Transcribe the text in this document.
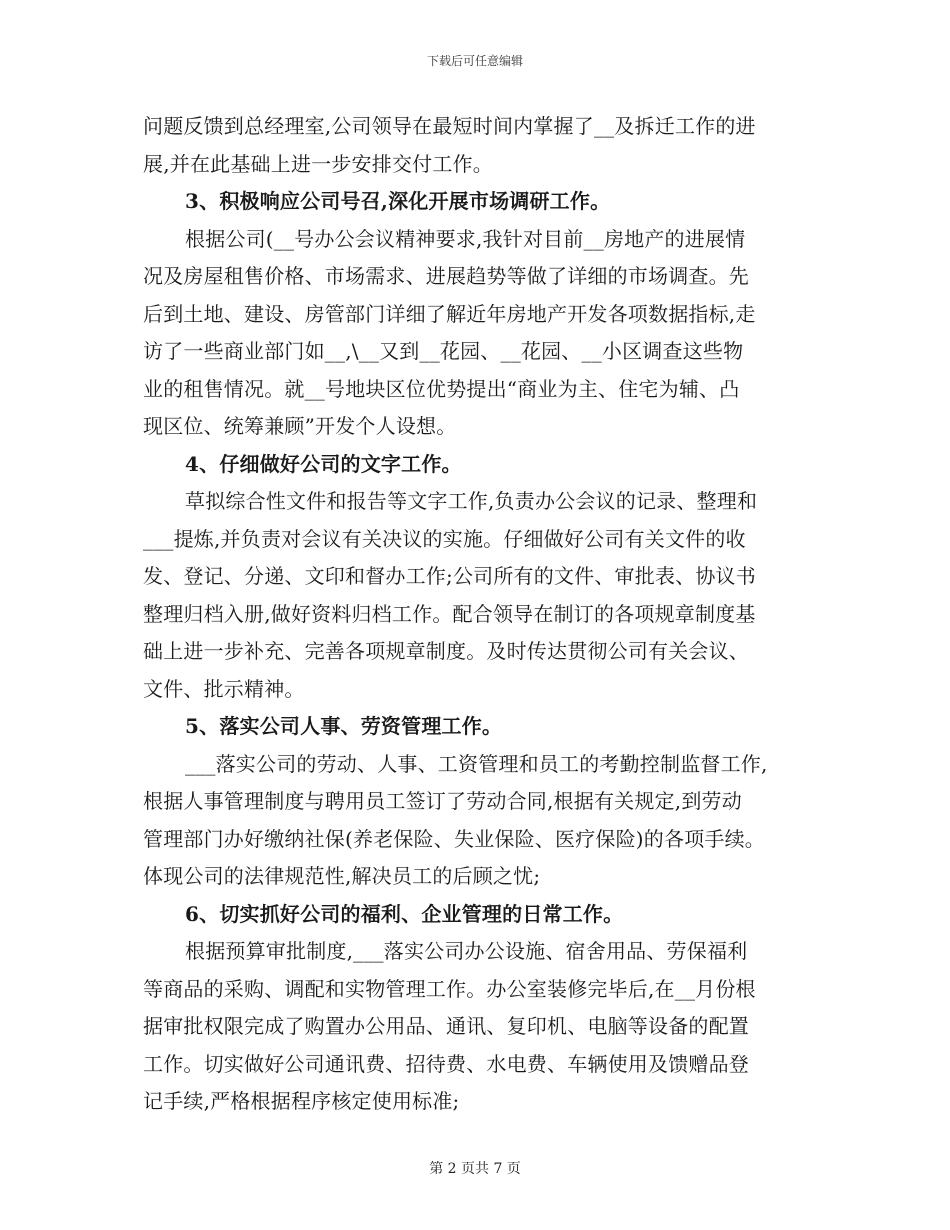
下载后可任意编辑
问题反馈到总经理室,公司领导在最短时间内掌握了__及拆迁工作的进
展,并在此基础上进一步安排交付工作。
3、积极响应公司号召,深化开展市场调研工作。
根据公司(__号办公会议精神要求,我针对目前__房地产的进展情
况及房屋租售价格、市场需求、进展趋势等做了详细的市场调查。先
后到土地、建设、房管部门详细了解近年房地产开发各项数据指标,走
访了一些商业部门如__,\__又到__花园、__花园、__小区调查这些物
业的租售情况。就__号地块区位优势提出“商业为主、住宅为辅、凸
现区位、统筹兼顾”开发个人设想。
4、仔细做好公司的文字工作。
草拟综合性文件和报告等文字工作,负责办公会议的记录、整理和
___提炼,并负责对会议有关决议的实施。仔细做好公司有关文件的收
发、登记、分递、文印和督办工作;公司所有的文件、审批表、协议书
整理归档入册,做好资料归档工作。配合领导在制订的各项规章制度基
础上进一步补充、完善各项规章制度。及时传达贯彻公司有关会议、
文件、批示精神。
5、落实公司人事、劳资管理工作。
___落实公司的劳动、人事、工资管理和员工的考勤控制监督工作,
根据人事管理制度与聘用员工签订了劳动合同,根据有关规定,到劳动
管理部门办好缴纳社保(养老保险、失业保险、医疗保险)的各项手续。
体现公司的法律规范性,解决员工的后顾之忧;
6、切实抓好公司的福利、企业管理的日常工作。
根据预算审批制度,___落实公司办公设施、宿舍用品、劳保福利
等商品的采购、调配和实物管理工作。办公室装修完毕后,在__月份根
据审批权限完成了购置办公用品、通讯、复印机、电脑等设备的配置
工作。切实做好公司通讯费、招待费、水电费、车辆使用及馈赠品登
记手续,严格根据程序核定使用标准;
第 2 页共 7 页
